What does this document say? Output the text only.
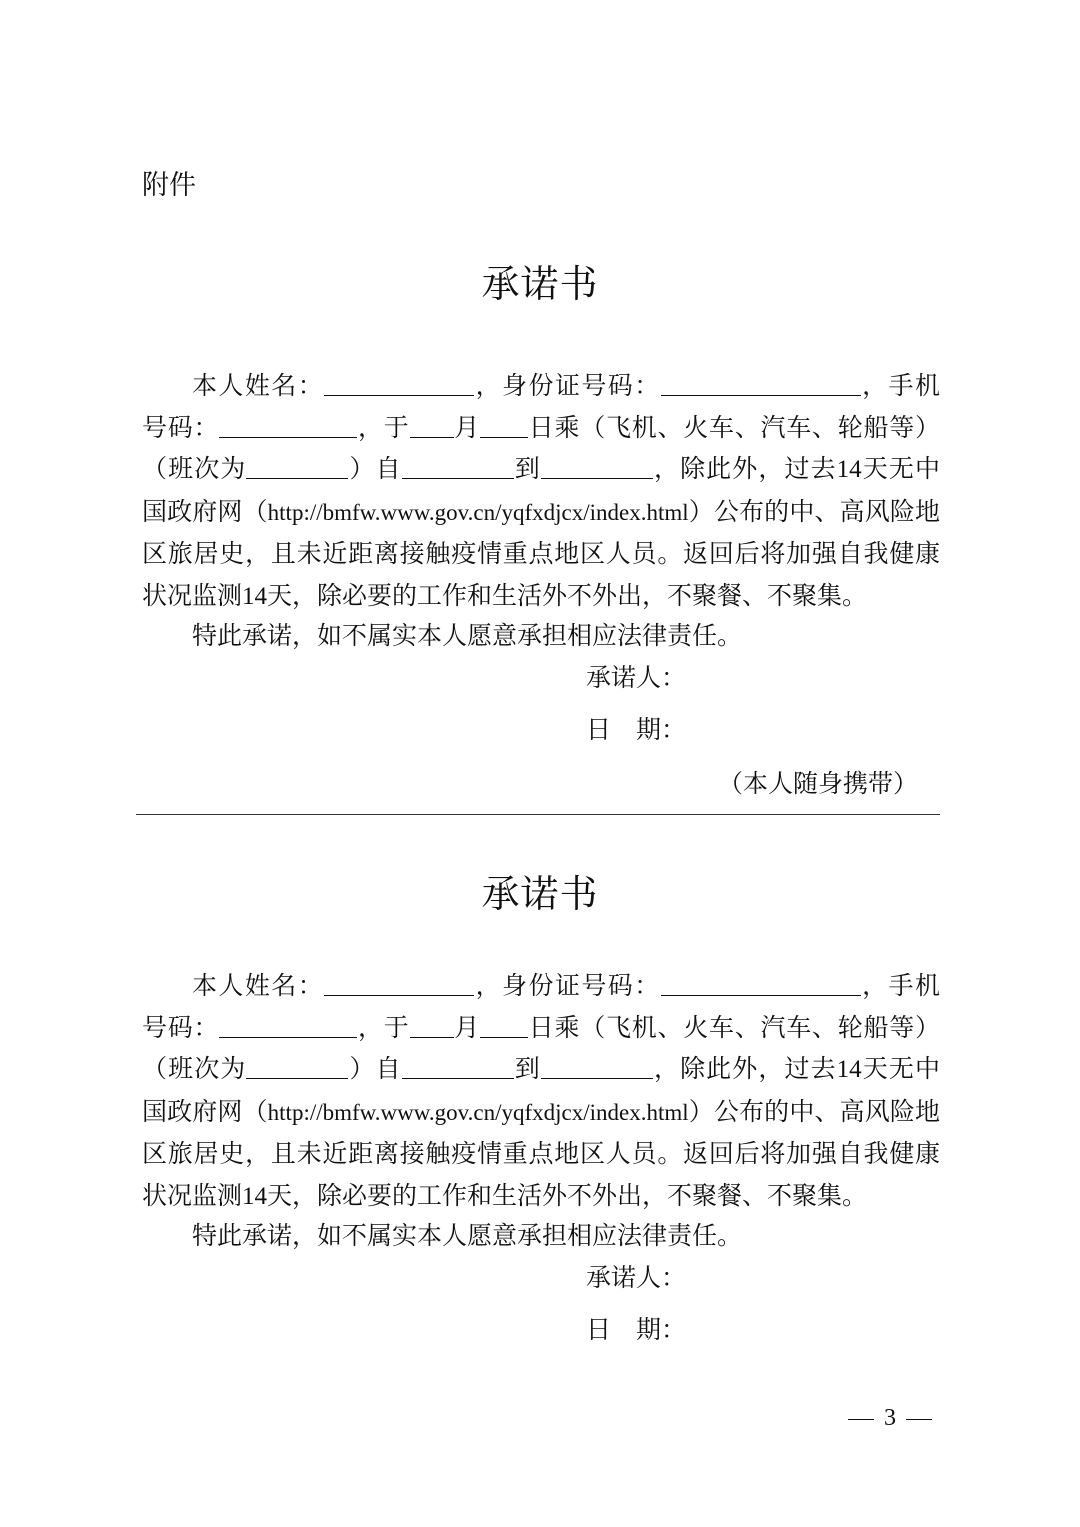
附件

承诺书

本人姓名：	，身份证号码：	，手机号码：	，于 月 日乘（飞机、火车、汽车、轮船等）（班次为	）自	到	，除此外，过去14天无中国政府网（http://bmfw.www.gov.cn/yqfxdjcx/index.html）公布的中、高风险地区旅居史，且未近距离接触疫情重点地区人员。返回后将加强自我健康状况监测14天，除必要的工作和生活外不外出，不聚餐、不聚集。

特此承诺，如不属实本人愿意承担相应法律责任。

承诺人：

日　期：

（本人随身携带）

承诺书

本人姓名：	，身份证号码：	，手机号码：	，于 月 日乘（飞机、火车、汽车、轮船等）（班次为	）自	到	，除此外，过去14天无中国政府网（http://bmfw.www.gov.cn/yqfxdjcx/index.html）公布的中、高风险地区旅居史，且未近距离接触疫情重点地区人员。返回后将加强自我健康状况监测14天，除必要的工作和生活外不外出，不聚餐、不聚集。

特此承诺，如不属实本人愿意承担相应法律责任。

承诺人：

日　期：

3
